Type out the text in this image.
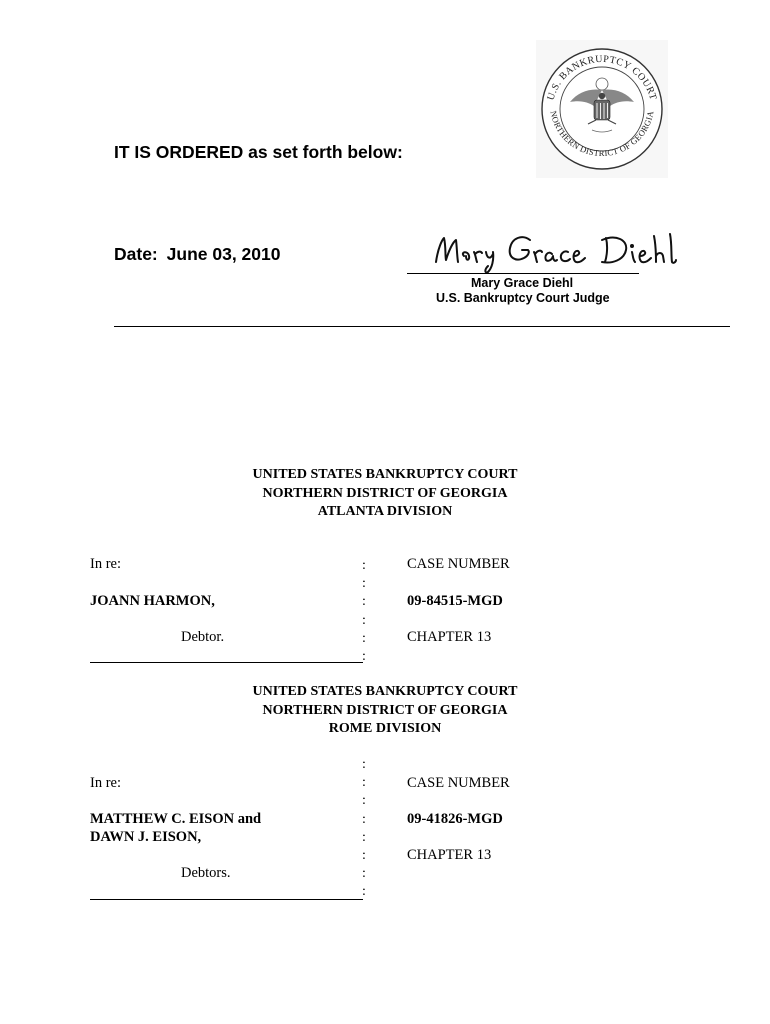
U.S. BANKRUPTCY COURT
NORTHERN DISTRICT OF GEORGIA
IT IS ORDERED as set forth below:
Date: June 03, 2010
Mary Grace Diehl
U.S. Bankruptcy Court Judge
UNITED STATES BANKRUPTCY COURT
NORTHERN DISTRICT OF GEORGIA
ATLANTA DIVISION
In re:
JOANN HARMON,
Debtor.
:
:
:
:
:
:
CASE NUMBER
09-84515-MGD
CHAPTER 13
UNITED STATES BANKRUPTCY COURT
NORTHERN DISTRICT OF GEORGIA
ROME DIVISION
:
:
:
:
:
:
:
:
In re:
MATTHEW C. EISON and
DAWN J. EISON,
Debtors.
CASE NUMBER
09-41826-MGD
CHAPTER 13
